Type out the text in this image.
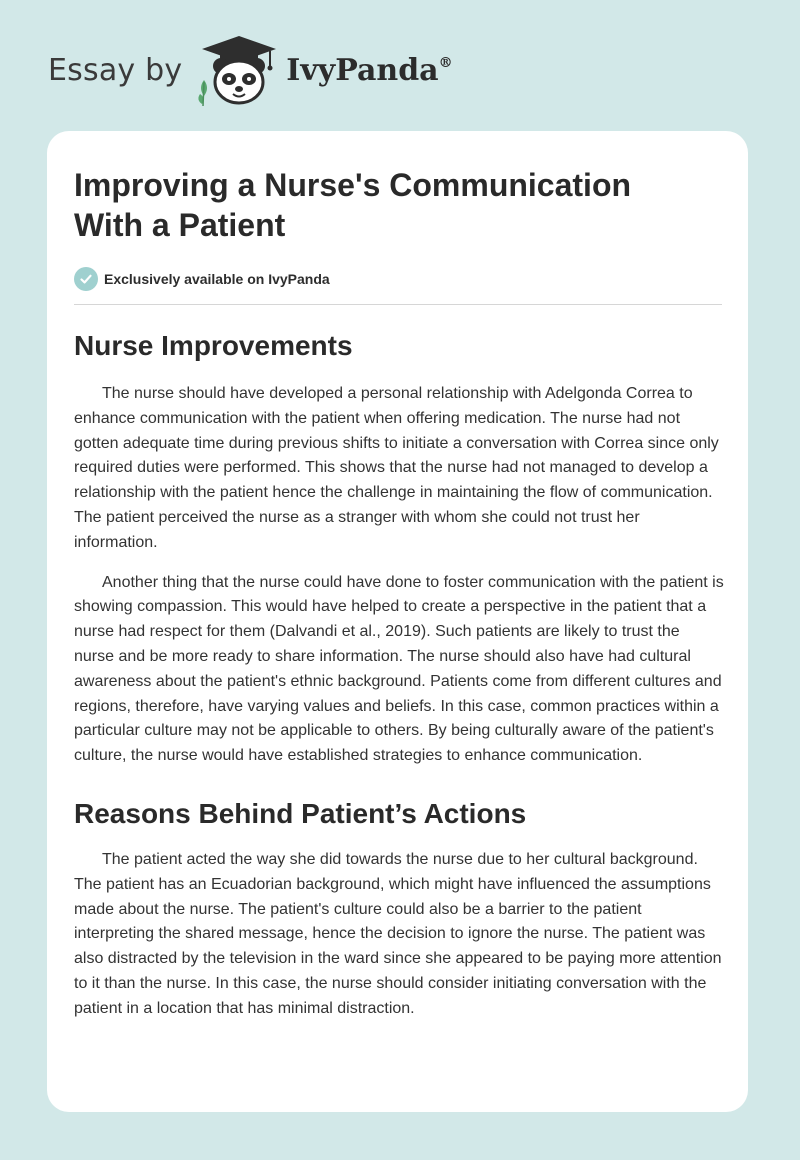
Essay by	IvyPanda®
Improving a Nurse's Communication With a Patient
Exclusively available on IvyPanda
Nurse Improvements

The nurse should have developed a personal relationship with Adelgonda Correa to enhance communication with the patient when offering medication. The nurse had not gotten adequate time during previous shifts to initiate a conversation with Correa since only required duties were performed. This shows that the nurse had not managed to develop a relationship with the patient hence the challenge in maintaining the flow of communication. The patient perceived the nurse as a stranger with whom she could not trust her information.

Another thing that the nurse could have done to foster communication with the patient is showing compassion. This would have helped to create a perspective in the patient that a nurse had respect for them (Dalvandi et al., 2019). Such patients are likely to trust the nurse and be more ready to share information. The nurse should also have had cultural awareness about the patient's ethnic background. Patients come from different cultures and regions, therefore, have varying values and beliefs. In this case, common practices within a particular culture may not be applicable to others. By being culturally aware of the patient's culture, the nurse would have established strategies to enhance communication.

Reasons Behind Patient’s Actions

The patient acted the way she did towards the nurse due to her cultural background. The patient has an Ecuadorian background, which might have influenced the assumptions made about the nurse. The patient's culture could also be a barrier to the patient interpreting the shared message, hence the decision to ignore the nurse. The patient was also distracted by the television in the ward since she appeared to be paying more attention to it than the nurse. In this case, the nurse should consider initiating conversation with the patient in a location that has minimal distraction.
